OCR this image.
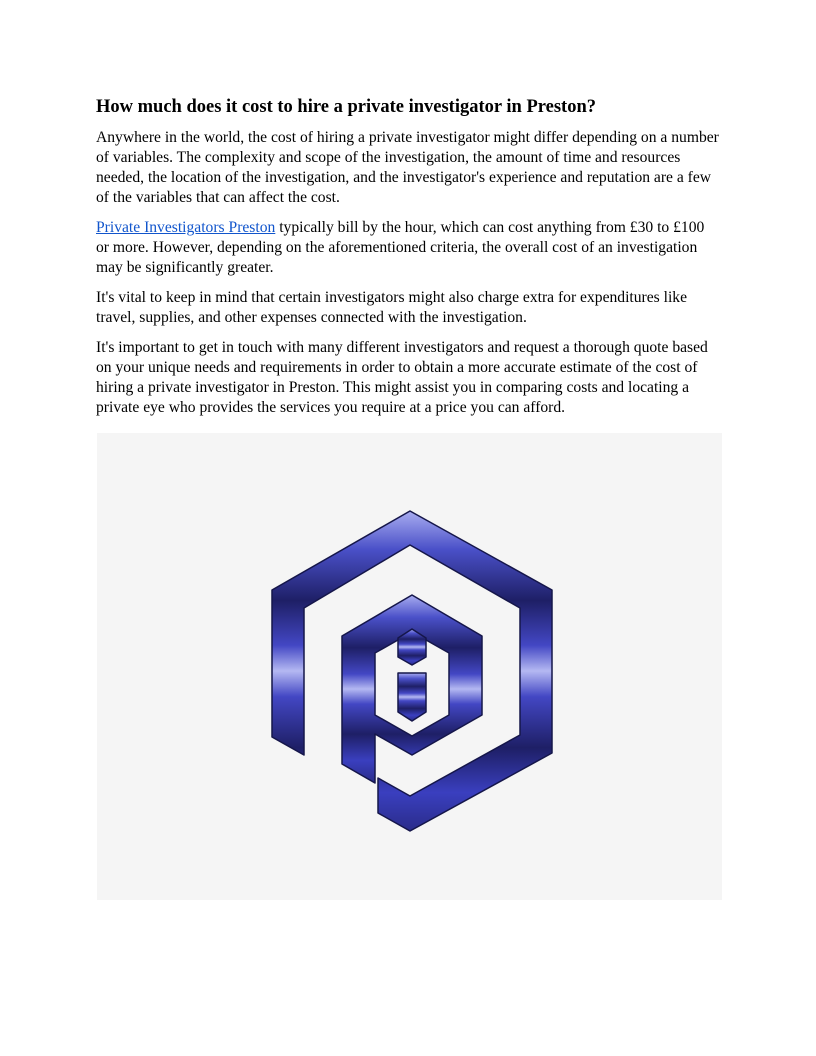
How much does it cost to hire a private investigator in Preston?

Anywhere in the world, the cost of hiring a private investigator might differ depending on a number of variables. The complexity and scope of the investigation, the amount of time and resources needed, the location of the investigation, and the investigator's experience and reputation are a few of the variables that can affect the cost.

Private Investigators Preston typically bill by the hour, which can cost anything from £30 to £100 or more. However, depending on the aforementioned criteria, the overall cost of an investigation may be significantly greater.

It's vital to keep in mind that certain investigators might also charge extra for expenditures like travel, supplies, and other expenses connected with the investigation.

It's important to get in touch with many different investigators and request a thorough quote based on your unique needs and requirements in order to obtain a more accurate estimate of the cost of hiring a private investigator in Preston. This might assist you in comparing costs and locating a private eye who provides the services you require at a price you can afford.
